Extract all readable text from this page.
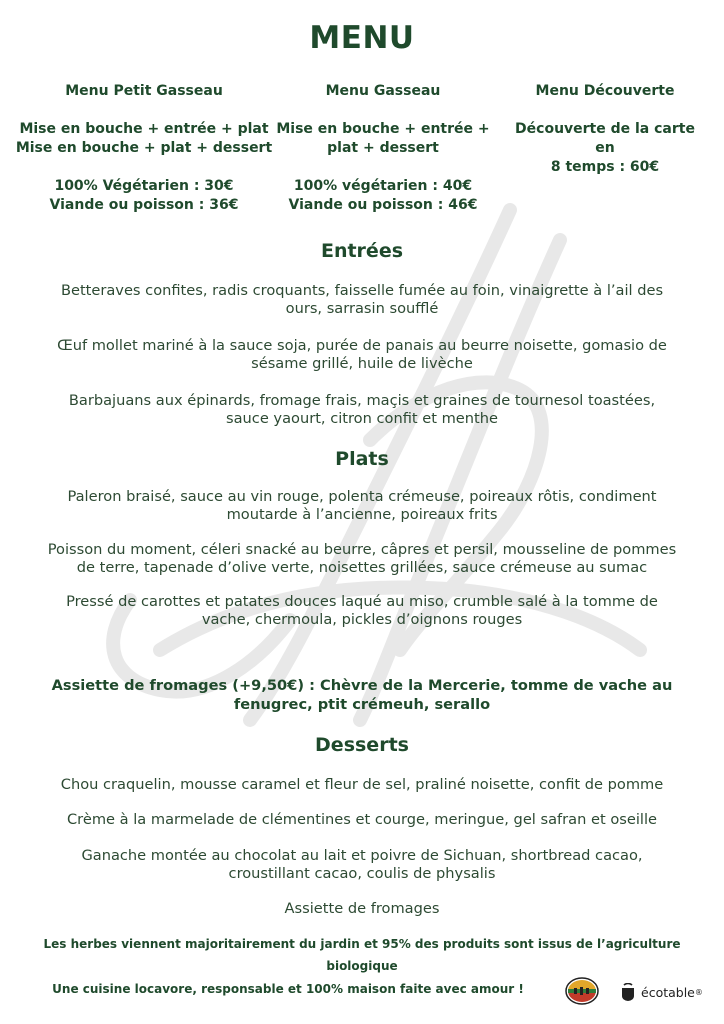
MENU
Menu Petit Gasseau
Mise en bouche + entrée + plat
Mise en bouche + plat + dessert
100% Végétarien : 30€
Viande ou poisson : 36€
Menu Gasseau
Mise en bouche + entrée +
plat + dessert
100% végétarien : 40€
Viande ou poisson : 46€
Menu Découverte
Découverte de la carte
en
8 temps : 60€
Entrées
Betteraves confites, radis croquants, faisselle fumée au foin, vinaigrette à l’ail des
ours, sarrasin soufflé
Œuf mollet mariné à la sauce soja, purée de panais au beurre noisette, gomasio de
sésame grillé, huile de livèche
Barbajuans aux épinards, fromage frais, maçis et graines de tournesol toastées,
sauce yaourt, citron confit et menthe
Plats
Paleron braisé, sauce au vin rouge, polenta crémeuse, poireaux rôtis, condiment
moutarde à l’ancienne, poireaux frits
Poisson du moment, céleri snacké au beurre, câpres et persil, mousseline de pommes
de terre, tapenade d’olive verte, noisettes grillées, sauce crémeuse au sumac
Pressé de carottes et patates douces laqué au miso, crumble salé à la tomme de
vache, chermoula, pickles d’oignons rouges
Assiette de fromages (+9,50€) : Chèvre de la Mercerie, tomme de vache au
fenugrec, ptit crémeuh, serallo
Desserts
Chou craquelin, mousse caramel et fleur de sel, praliné noisette, confit de pomme
Crème à la marmelade de clémentines et courge, meringue, gel safran et oseille
Ganache montée au chocolat au lait et poivre de Sichuan, shortbread cacao,
croustillant cacao, coulis de physalis
Assiette de fromages
Les herbes viennent majoritairement du jardin et 95% des produits sont issus de l’agriculture
biologique
Une cuisine locavore, responsable et 100% maison faite avec amour !	écotable ®
